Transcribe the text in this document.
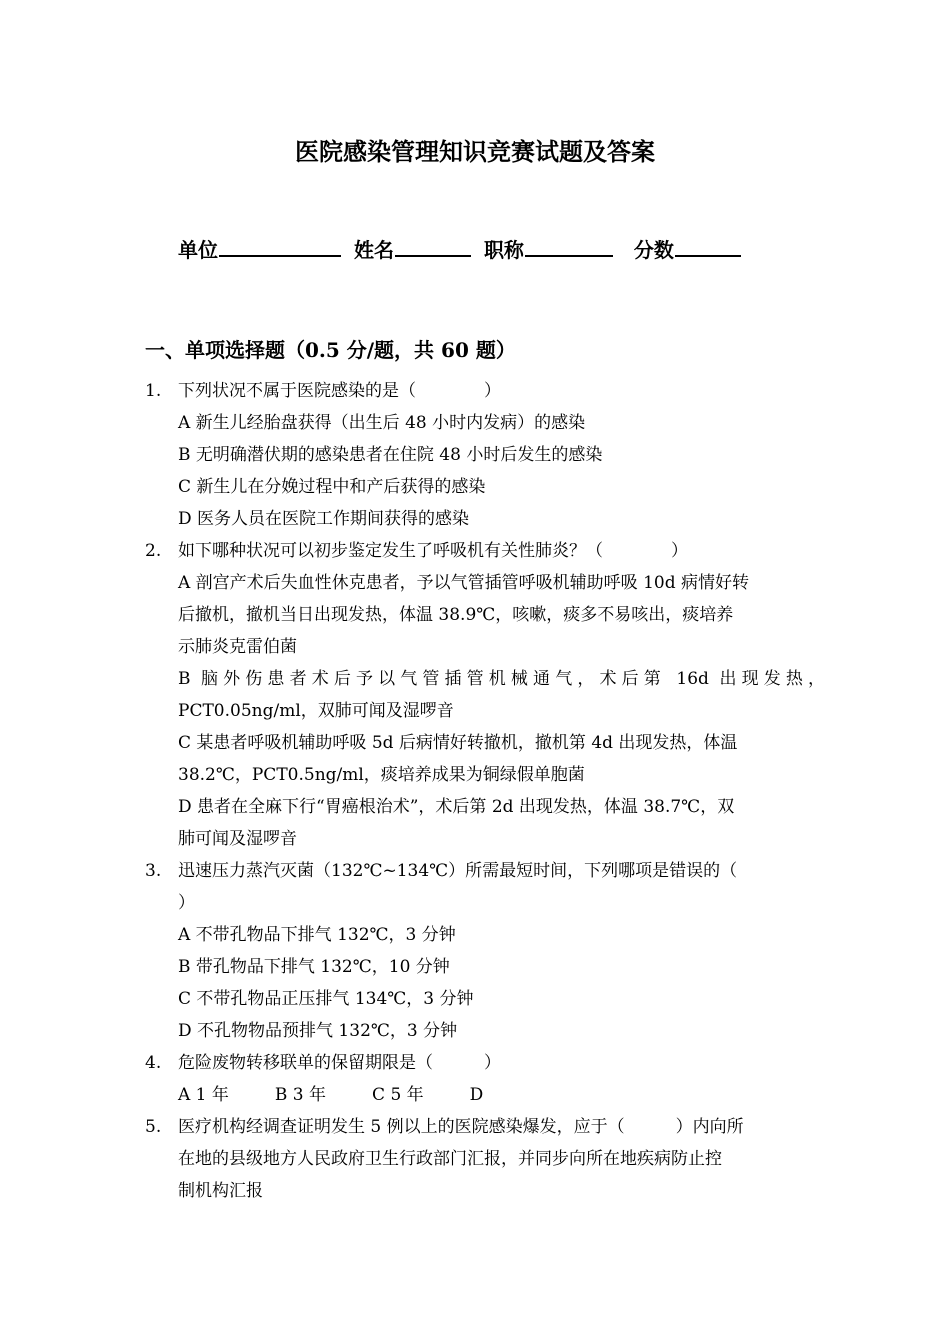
医院感染管理知识竞赛试题及答案
单位	姓名	职称	分数
一、单项选择题（0.5 分/题，共 60 题）
1. 下列状况不属于医院感染的是（　　　　）
A 新生儿经胎盘获得（出生后 48 小时内发病）的感染
B 无明确潜伏期的感染患者在住院 48 小时后发生的感染
C 新生儿在分娩过程中和产后获得的感染
D 医务人员在医院工作期间获得的感染
2. 如下哪种状况可以初步鉴定发生了呼吸机有关性肺炎？（　　　　）
A 剖宫产术后失血性休克患者，予以气管插管呼吸机辅助呼吸 10d 病情好转
后撤机，撤机当日出现发热，体温 38.9℃，咳嗽，痰多不易咳出，痰培养
示肺炎克雷伯菌
B 脑外伤患者术后予以气管插管机械通气，术后第 16d 出现发热，
PCT0.05ng/ml，双肺可闻及湿啰音
C 某患者呼吸机辅助呼吸 5d 后病情好转撤机，撤机第 4d 出现发热，体温
38.2℃，PCT0.5ng/ml，痰培养成果为铜绿假单胞菌
D 患者在全麻下行“胃癌根治术”，术后第 2d 出现发热，体温 38.7℃，双
肺可闻及湿啰音
3. 迅速压力蒸汽灭菌（132℃~134℃）所需最短时间，下列哪项是错误的（
）
A 不带孔物品下排气 132℃，3 分钟
B 带孔物品下排气 132℃，10 分钟
C 不带孔物品正压排气 134℃，3 分钟
D 不孔物物品预排气 132℃，3 分钟
4. 危险废物转移联单的保留期限是（　　　）
A 1 年	B 3 年	C 5 年	D
5. 医疗机构经调查证明发生 5 例以上的医院感染爆发，应于（　　　）内向所
在地的县级地方人民政府卫生行政部门汇报，并同步向所在地疾病防止控
制机构汇报
